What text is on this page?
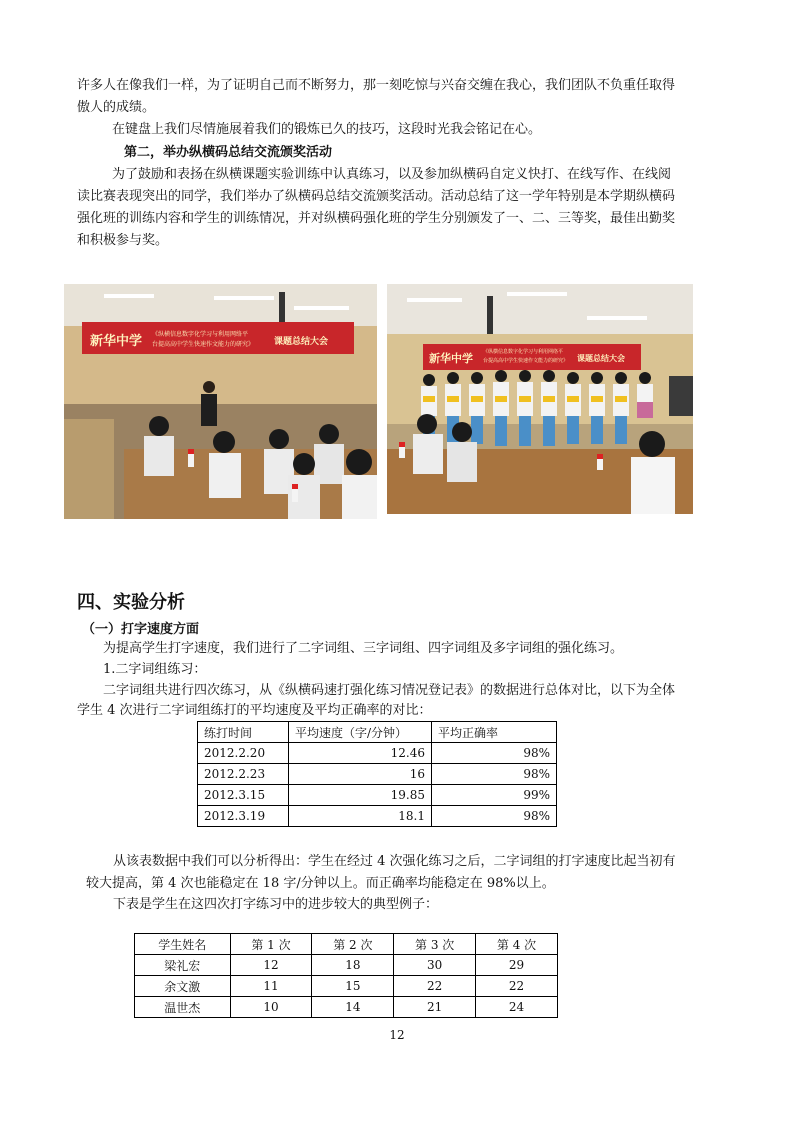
许多人在像我们一样，为了证明自己而不断努力，那一刻吃惊与兴奋交缠在我心，我们团队不负重任取得

傲人的成绩。

在键盘上我们尽情施展着我们的锻炼已久的技巧，这段时光我会铭记在心。

第二，举办纵横码总结交流颁奖活动

为了鼓励和表扬在纵横课题实验训练中认真练习，以及参加纵横码自定义快打、在线写作、在线阅

读比赛表现突出的同学，我们举办了纵横码总结交流颁奖活动。活动总结了这一学年特别是本学期纵横码

强化班的训练内容和学生的训练情况，并对纵横码强化班的学生分别颁发了一、二、三等奖，最佳出勤奖

和积极参与奖。

新华中学 《纵横信息数字化学习与利用网络平
台提高高中学生快速作文能力的研究》 课题总结大会
新华中学
《纵横信息数字化学习与利用网络平
台提高高中学生快速作文能力的研究》 课题总结大会
四、实验分析
（一）打字速度方面

为提高学生打字速度，我们进行了二字词组、三字词组、四字词组及多字词组的强化练习。

1.二字词组练习：

二字词组共进行四次练习，从《纵横码速打强化练习情况登记表》的数据进行总体对比，以下为全体

学生 4 次进行二字词组练打的平均速度及平均正确率的对比：

练打时间	平均速度（字/分钟）	平均正确率
2012.2.20	12.46	98%
2012.2.23	16	98%
2012.3.15	19.85	99%
2012.3.19	18.1	98%

从该表数据中我们可以分析得出：学生在经过 4 次强化练习之后，二字词组的打字速度比起当初有

较大提高，第 4 次也能稳定在 18 字/分钟以上。而正确率均能稳定在 98%以上。

下表是学生在这四次打字练习中的进步较大的典型例子：

学生姓名	第 1 次	第 2 次	第 3 次	第 4 次
梁礼宏	12	18	30	29
余文激	11	15	22	22
温世杰	10	14	21	24
12
